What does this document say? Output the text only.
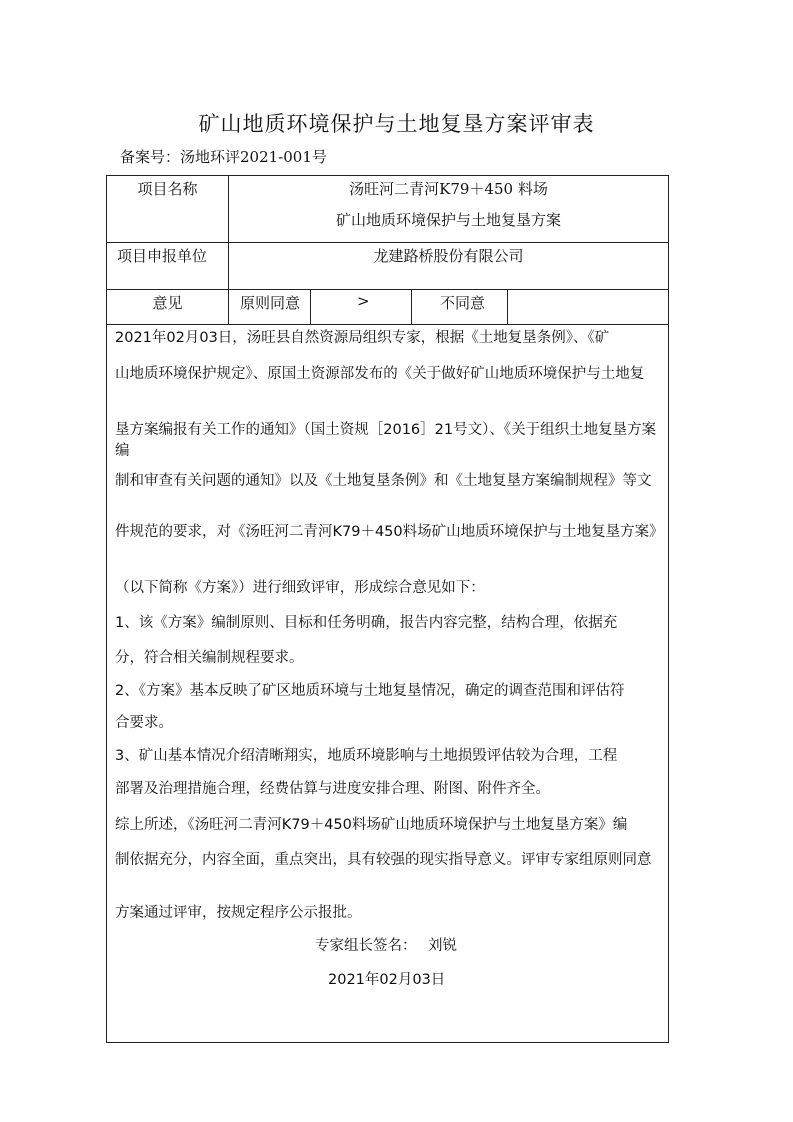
矿山地质环境保护与土地复垦方案评审表
备案号：汤地环评2021-001号
项目名称	汤旺河二青河K79＋450 料场
矿山地质环境保护与土地复垦方案
项目申报单位	龙建路桥股份有限公司
意见	原则同意	>	不同意
2021年02月03日，汤旺县自然资源局组织专家，根据《土地复垦条例》、《矿
山地质环境保护规定》、原国土资源部发布的《关于做好矿山地质环境保护与土地复
垦方案编报有关工作的通知》（国土资规［2016］21号文）、《关于组织土地复垦方案编
制和审查有关问题的通知》以及《土地复垦条例》和《土地复垦方案编制规程》等文
件规范的要求，对《汤旺河二青河K79＋450料场矿山地质环境保护与土地复垦方案》
（以下简称《方案》）进行细致评审，形成综合意见如下：
1、该《方案》编制原则、目标和任务明确，报告内容完整，结构合理，依据充
分，符合相关编制规程要求。
2、《方案》基本反映了矿区地质环境与土地复垦情况，确定的调查范围和评估符
合要求。
3、矿山基本情况介绍清晰翔实，地质环境影响与土地损毁评估较为合理，工程
部署及治理措施合理，经费估算与进度安排合理、附图、附件齐全。
综上所述，《汤旺河二青河K79＋450料场矿山地质环境保护与土地复垦方案》编
制依据充分，内容全面，重点突出，具有较强的现实指导意义。评审专家组原则同意
方案通过评审，按规定程序公示报批。
专家组长签名： 刘锐
2021年02月03日
